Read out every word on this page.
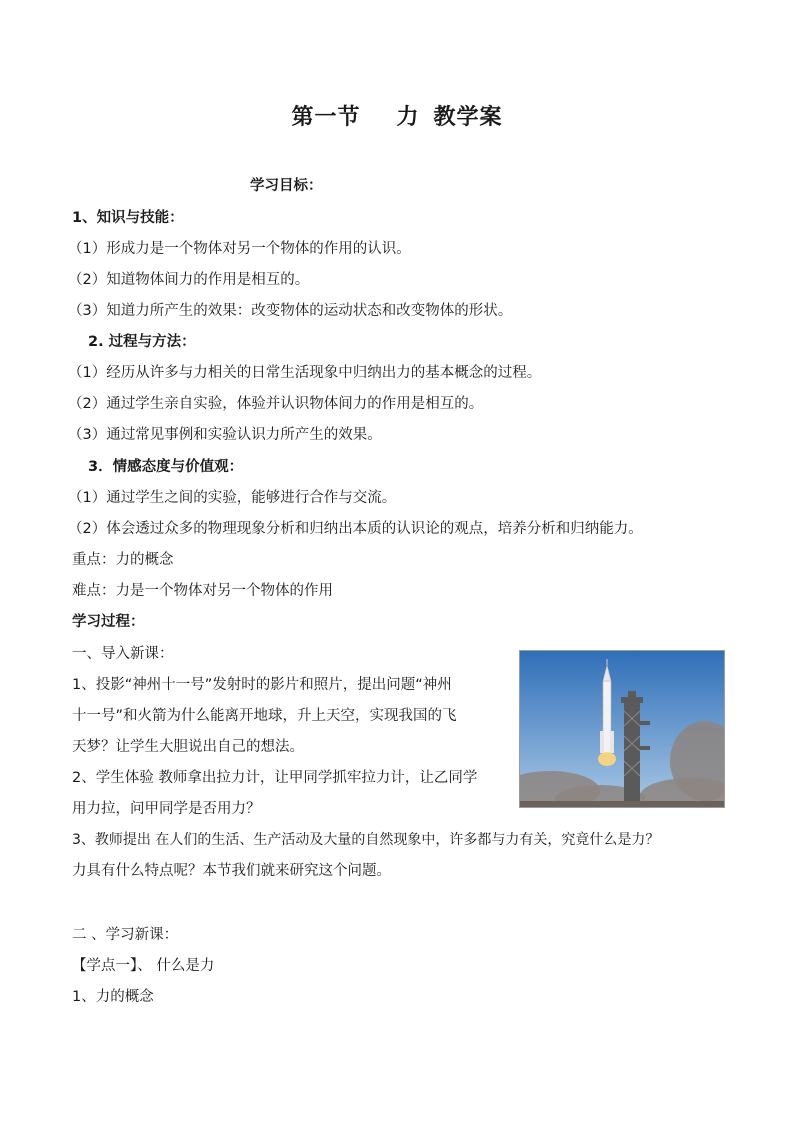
第一节 力 教学案
学习目标：
1、知识与技能：
（1）形成力是一个物体对另一个物体的作用的认识。
（2）知道物体间力的作用是相互的。
（3）知道力所产生的效果：改变物体的运动状态和改变物体的形状。
2. 过程与方法：
（1）经历从许多与力相关的日常生活现象中归纳出力的基本概念的过程。
（2）通过学生亲自实验，体验并认识物体间力的作用是相互的。
（3）通过常见事例和实验认识力所产生的效果。
3．情感态度与价值观：
（1）通过学生之间的实验，能够进行合作与交流。
（2）体会透过众多的物理现象分析和归纳出本质的认识论的观点，培养分析和归纳能力。
重点：力的概念
难点：力是一个物体对另一个物体的作用
学习过程：
一、导入新课：
1、投影“神州十一号”发射时的影片和照片，提出问题“神州
十一号”和火箭为什么能离开地球，升上天空，实现我国的飞
天梦？让学生大胆说出自己的想法。
2、学生体验 教师拿出拉力计，让甲同学抓牢拉力计，让乙同学
用力拉，问甲同学是否用力？
3、教师提出 在人们的生活、生产活动及大量的自然现象中，许多都与力有关，究竟什么是力？
力具有什么特点呢？本节我们就来研究这个问题。
二 、学习新课：
【学点一】、 什么是力
1、力的概念
